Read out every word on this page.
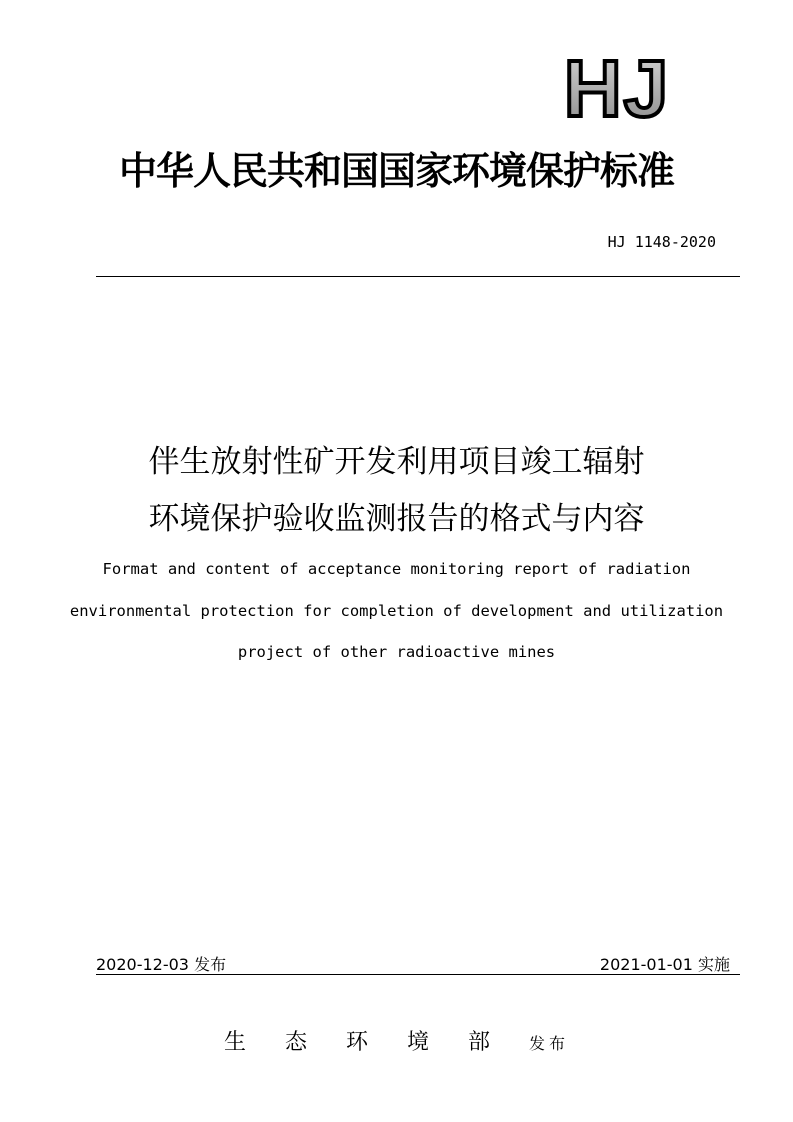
HJ
中华人民共和国国家环境保护标准
HJ 1148-2020
伴生放射性矿开发利用项目竣工辐射
环境保护验收监测报告的格式与内容
Format and content of acceptance monitoring report of radiation
environmental protection for completion of development and utilization
project of other radioactive mines
2020-12-03 发布	2021-01-01 实施
生态环境部发布
